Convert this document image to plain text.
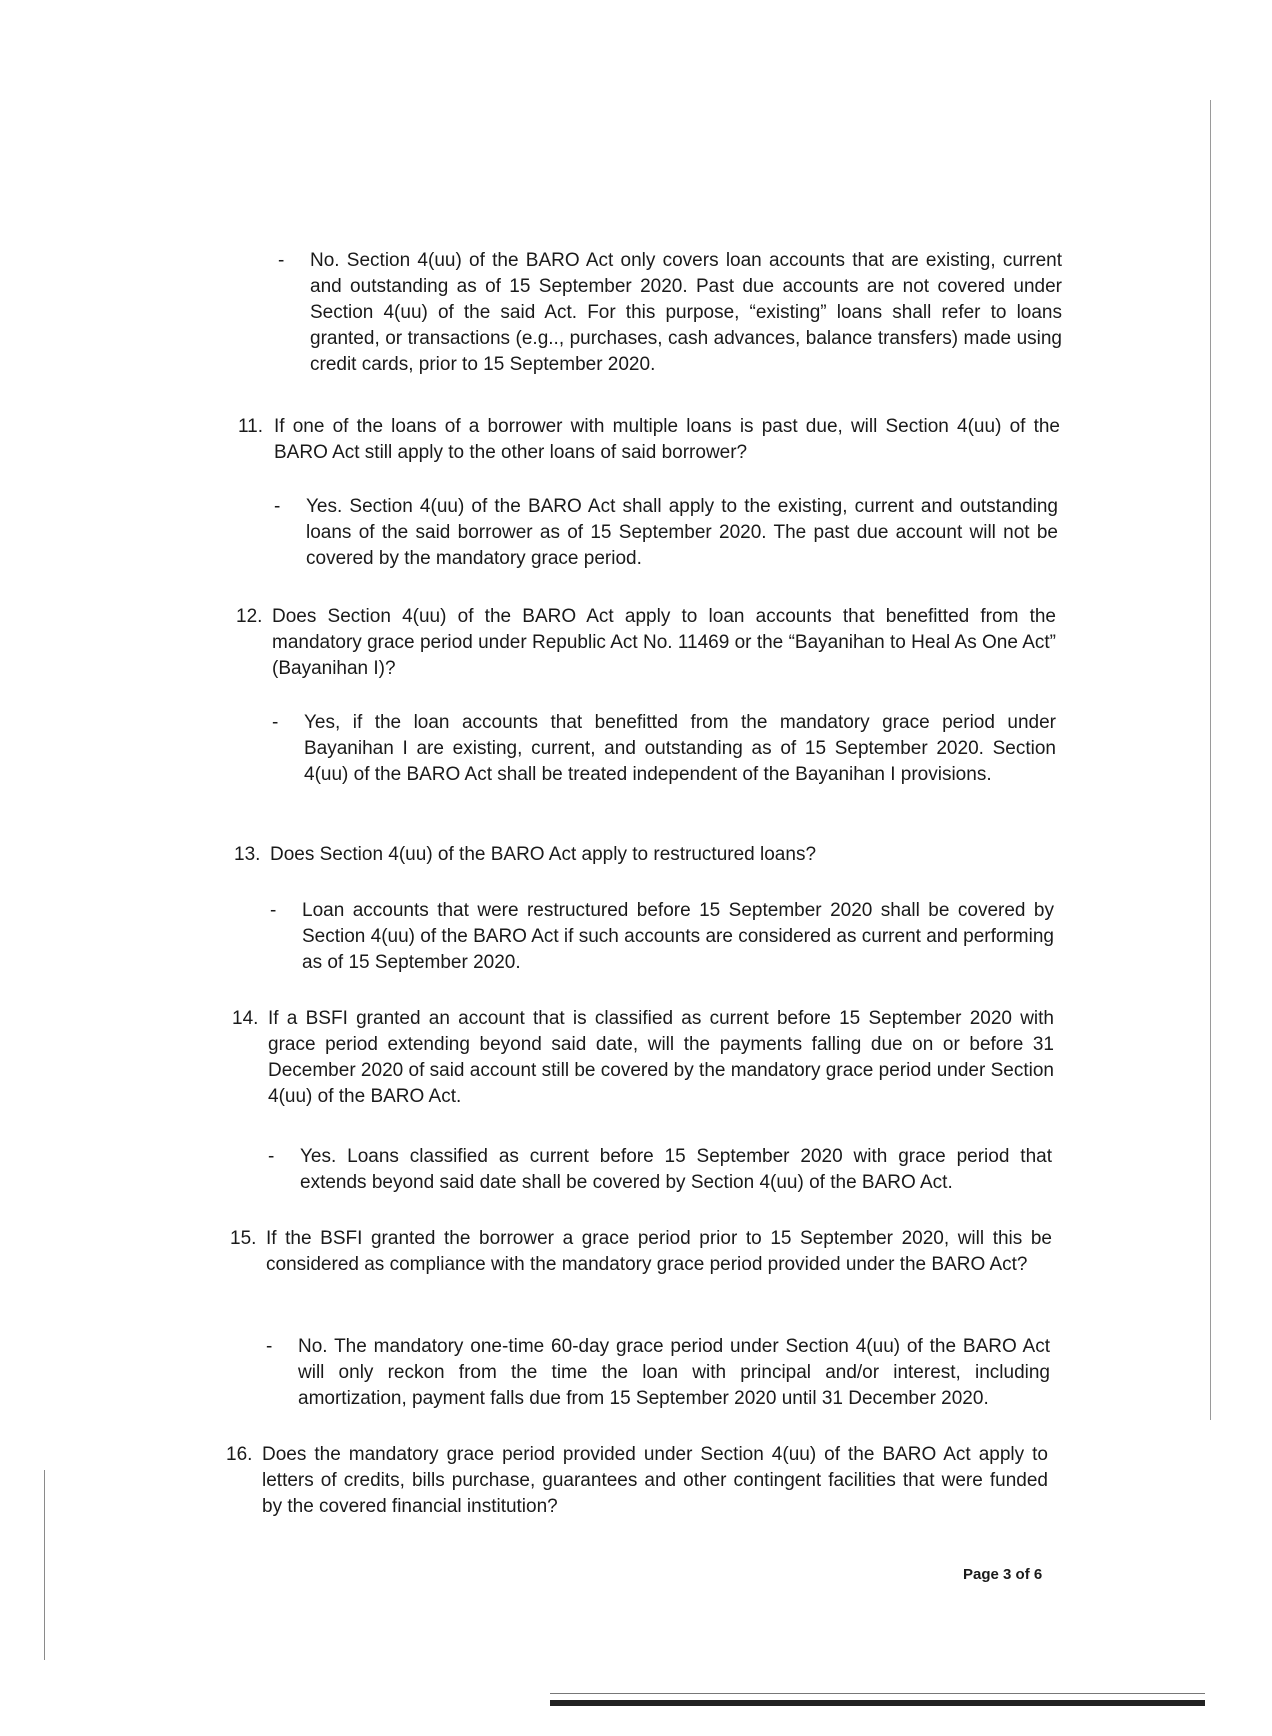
- No. Section 4(uu) of the BARO Act only covers loan accounts that are existing, current and outstanding as of 15 September 2020. Past due accounts are not covered under Section 4(uu) of the said Act. For this purpose, “existing” loans shall refer to loans granted, or transactions (e.g.., purchases, cash advances, balance transfers) made using credit cards, prior to 15 September 2020.
11. If one of the loans of a borrower with multiple loans is past due, will Section 4(uu) of the BARO Act still apply to the other loans of said borrower?
- Yes. Section 4(uu) of the BARO Act shall apply to the existing, current and outstanding loans of the said borrower as of 15 September 2020. The past due account will not be covered by the mandatory grace period.
12. Does Section 4(uu) of the BARO Act apply to loan accounts that benefitted from the mandatory grace period under Republic Act No. 11469 or the “Bayanihan to Heal As One Act” (Bayanihan I)?
- Yes, if the loan accounts that benefitted from the mandatory grace period under Bayanihan I are existing, current, and outstanding as of 15 September 2020. Section 4(uu) of the BARO Act shall be treated independent of the Bayanihan I provisions.
13. Does Section 4(uu) of the BARO Act apply to restructured loans?
- Loan accounts that were restructured before 15 September 2020 shall be covered by Section 4(uu) of the BARO Act if such accounts are considered as current and performing as of 15 September 2020.
14. If a BSFI granted an account that is classified as current before 15 September 2020 with grace period extending beyond said date, will the payments falling due on or before 31 December 2020 of said account still be covered by the mandatory grace period under Section 4(uu) of the BARO Act.
- Yes. Loans classified as current before 15 September 2020 with grace period that extends beyond said date shall be covered by Section 4(uu) of the BARO Act.
15. If the BSFI granted the borrower a grace period prior to 15 September 2020, will this be considered as compliance with the mandatory grace period provided under the BARO Act?
- No. The mandatory one-time 60-day grace period under Section 4(uu) of the BARO Act will only reckon from the time the loan with principal and/or interest, including amortization, payment falls due from 15 September 2020 until 31 December 2020.
16. Does the mandatory grace period provided under Section 4(uu) of the BARO Act apply to letters of credits, bills purchase, guarantees and other contingent facilities that were funded by the covered financial institution?
Page 3 of 6
